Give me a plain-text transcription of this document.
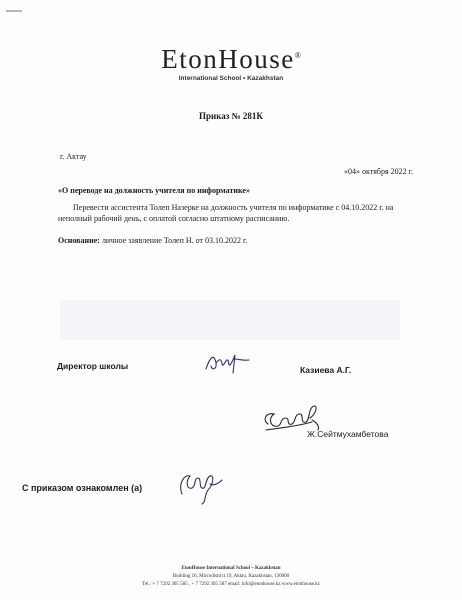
EtonHouse®
International School • Kazakhstan
Приказ № 281К
г. Актау
«04» октября 2022 г.
«О переводе на должность учителя по информатике»
Перевести ассистента Толеп Назерке на должность учителя по информатике с 04.10.2022 г. на неполный рабочий день, с оплатой согласно штатному расписанию.
Основание: личное заявление Толеп Н. от 03.10.2022 г.
Директор школы	Казиева А.Г.
Ж.Сейтмухамбетова
С приказом ознакомлен (а)
EtonHouse International School – Kazakhstan
Building 10, Microdistrict 19, Aktau, Kazakhstan, 130000
Tel.: + 7 7292 305 585 , + 7 7292 305 587 email: info@etonhouse.kz www.etonhouse.kz
